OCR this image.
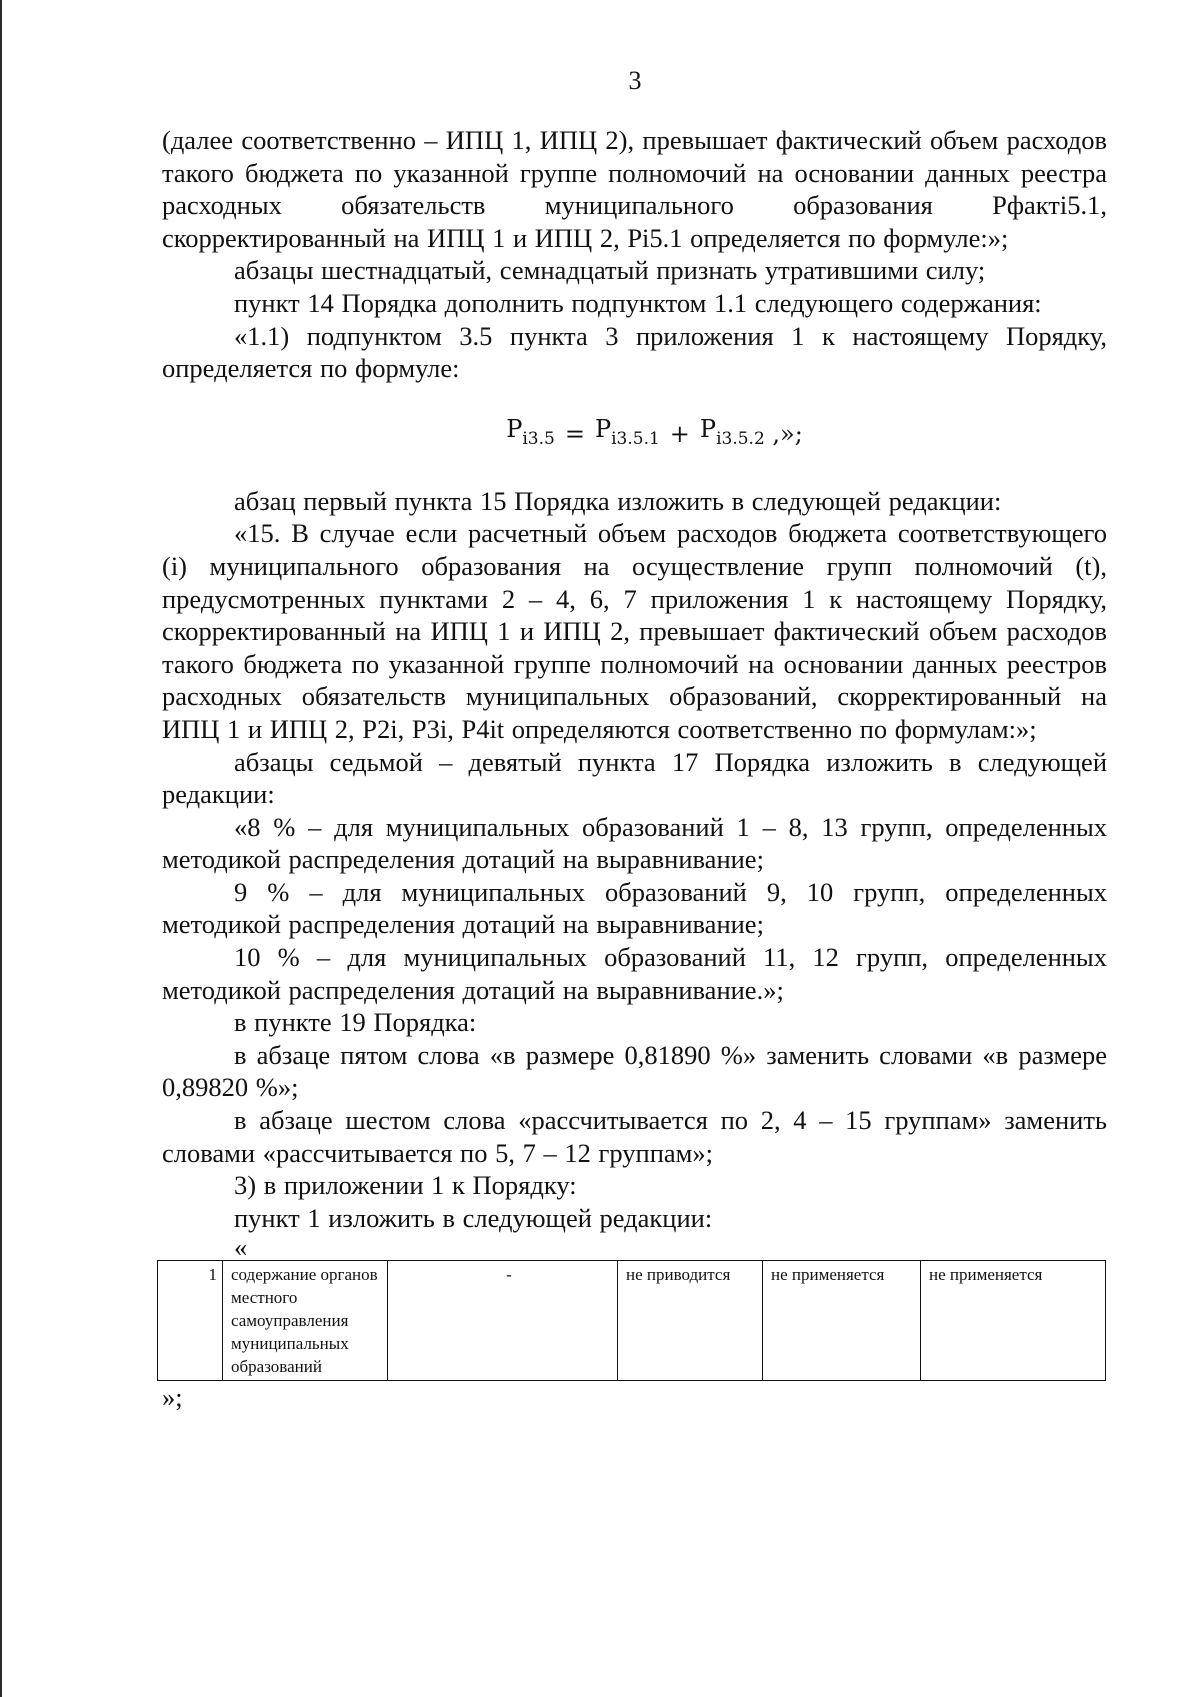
3

(далее соответственно – ИПЦ 1, ИПЦ 2), превышает фактический объем расходов такого бюджета по указанной группе полномочий на основании данных реестра расходных обязательств муниципального образования Рфактi5.1, скорректированный на ИПЦ 1 и ИПЦ 2, Pi5.1 определяется по формуле:»;

абзацы шестнадцатый, семнадцатый признать утратившими силу;

пункт 14 Порядка дополнить подпунктом 1.1 следующего содержания:

«1.1) подпунктом 3.5 пункта 3 приложения 1 к настоящему Порядку, определяется по формуле:

$P_{i3.5} = P_{i3.5.1} + P_{i3.5.2}$ ,»;

абзац первый пункта 15 Порядка изложить в следующей редакции:

«15. В случае если расчетный объем расходов бюджета соответствующего (i) муниципального образования на осуществление групп полномочий (t), предусмотренных пунктами 2 – 4, 6, 7 приложения 1 к настоящему Порядку, скорректированный на ИПЦ 1 и ИПЦ 2, превышает фактический объем расходов такого бюджета по указанной группе полномочий на основании данных реестров расходных обязательств муниципальных образований, скорректированный на ИПЦ 1 и ИПЦ 2, P2i, P3i, P4it определяются соответственно по формулам:»;

абзацы седьмой – девятый пункта 17 Порядка изложить в следующей редакции:

«8 % – для муниципальных образований 1 – 8, 13 групп, определенных методикой распределения дотаций на выравнивание;

9 % – для муниципальных образований 9, 10 групп, определенных методикой распределения дотаций на выравнивание;

10 % – для муниципальных образований 11, 12 групп, определенных методикой распределения дотаций на выравнивание.»;

в пункте 19 Порядка:

в абзаце пятом слова «в размере 0,81890 %» заменить словами «в размере 0,89820 %»;

в абзаце шестом слова «рассчитывается по 2, 4 – 15 группам» заменить словами «рассчитывается по 5, 7 – 12 группам»;

3) в приложении 1 к Порядку:

пункт 1 изложить в следующей редакции:

«

1	содержание органов местного самоуправления муниципальных образований	-	не приводится	не применяется	не применяется

»;
